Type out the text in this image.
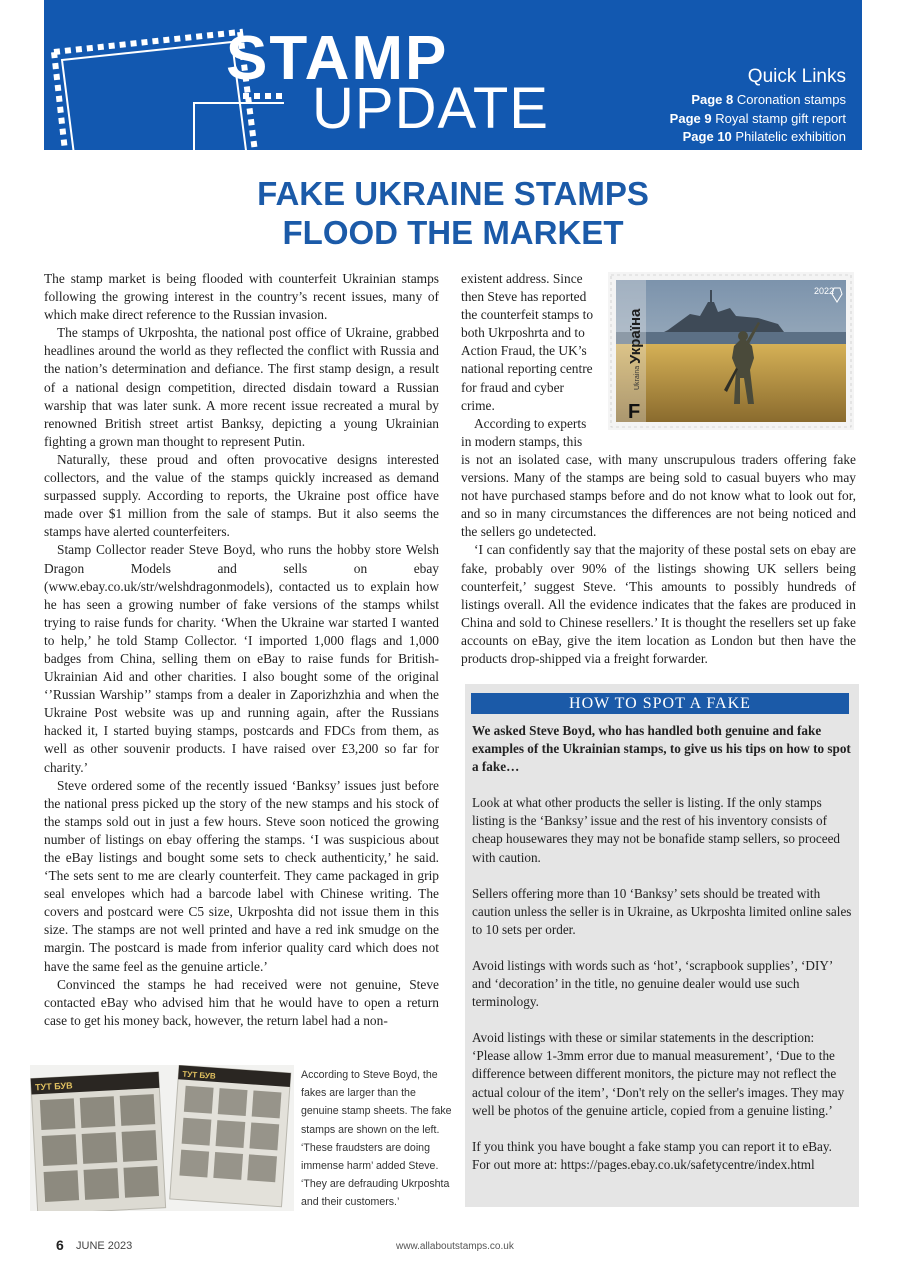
STAMP
UPDATE	Quick Links
Page 8 Coronation stamps
Page 9 Royal stamp gift report
Page 10 Philatelic exhibition
FAKE UKRAINE STAMPS
FLOOD THE MARKET

The stamp market is being flooded with counterfeit Ukrainian stamps following the growing interest in the country’s recent issues, many of which make direct reference to the Russian invasion.

The stamps of Ukrposhta, the national post office of Ukraine, grabbed headlines around the world as they reflected the conflict with Russia and the nation’s determination and defiance. The first stamp design, a result of a national design competition, directed disdain toward a Russian warship that was later sunk. A more recent issue recreated a mural by renowned British street artist Banksy, depicting a young Ukrainian fighting a grown man thought to represent Putin.

Naturally, these proud and often provocative designs interested collectors, and the value of the stamps quickly increased as demand surpassed supply. According to reports, the Ukraine post office have made over $1 million from the sale of stamps. But it also seems the stamps have alerted counterfeiters.

Stamp Collector reader Steve Boyd, who runs the hobby store Welsh Dragon Models and sells on ebay (www.ebay.co.uk/str/welshdragonmodels), contacted us to explain how he has seen a growing number of fake versions of the stamps whilst trying to raise funds for charity. ‘When the Ukraine war started I wanted to help,’ he told Stamp Collector. ‘I imported 1,000 flags and 1,000 badges from China, selling them on eBay to raise funds for British-Ukrainian Aid and other charities. I also bought some of the original ‘’Russian Warship’’ stamps from a dealer in Zaporizhzhia and when the Ukraine Post website was up and running again, after the Russians hacked it, I started buying stamps, postcards and FDCs from them, as well as other souvenir products. I have raised over £3,200 so far for charity.’

Steve ordered some of the recently issued ‘Banksy’ issues just before the national press picked up the story of the new stamps and his stock of the stamps sold out in just a few hours. Steve soon noticed the growing number of listings on ebay offering the stamps. ‘I was suspicious about the eBay listings and bought some sets to check authenticity,’ he said. ‘The sets sent to me are clearly counterfeit. They came packaged in grip seal envelopes which had a barcode label with Chinese writing. The covers and postcard were C5 size, Ukrposhta did not issue them in this size. The stamps are not well printed and have a red ink smudge on the margin. The postcard is made from inferior quality card which does not have the same feel as the genuine article.’

Convinced the stamps he had received were not genuine, Steve contacted eBay who advised him that he would have to open a return case to get his money back, however, the return label had a non-

existent address. Since then Steve has reported the counterfeit stamps to both Ukrposhrta and to Action Fraud, the UK’s national reporting centre for fraud and cyber crime.

According to experts in modern stamps, this

is not an isolated case, with many unscrupulous traders offering fake versions. Many of the stamps are being sold to casual buyers who may not have purchased stamps before and do not know what to look out for, and so in many circumstances the differences are not being noticed and the sellers go undetected.

‘I can confidently say that the majority of these postal sets on ebay are fake, probably over 90% of the listings showing UK sellers being counterfeit,’ suggest Steve. ‘This amounts to possibly hundreds of listings overall. All the evidence indicates that the fakes are produced in China and sold to Chinese resellers.’ It is thought the resellers set up fake accounts on eBay, give the item location as London but then have the products drop-shipped via a freight forwarder.

2022
Україна
Ukraina
F
ТУТ БУВ
ТУТ БУВ	According to Steve Boyd, the fakes are larger than the genuine stamp sheets. The fake stamps are shown on the left. ‘These fraudsters are doing immense harm’ added Steve. ‘They are defrauding Ukrposhta and their customers.’
HOW TO SPOT A FAKE

We asked Steve Boyd, who has handled both genuine and fake examples of the Ukrainian stamps, to give us his tips on how to spot a fake…

Look at what other products the seller is listing. If the only stamps listing is the ‘Banksy’ issue and the rest of his inventory consists of cheap housewares they may not be bonafide stamp sellers, so proceed with caution.

Sellers offering more than 10 ‘Banksy’ sets should be treated with caution unless the seller is in Ukraine, as Ukrposhta limited online sales to 10 sets per order.

Avoid listings with words such as ‘hot’, ‘scrapbook supplies’, ‘DIY’ and ‘decoration’ in the title, no genuine dealer would use such terminology.

Avoid listings with these or similar statements in the description: ‘Please allow 1-3mm error due to manual measurement’, ‘Due to the difference between different monitors, the picture may not reflect the actual colour of the item’, ‘Don't rely on the seller's images. They may well be photos of the genuine article, copied from a genuine listing.’

If you think you have bought a fake stamp you can report it to eBay. For out more at: https://pages.ebay.co.uk/safetycentre/index.html

6 JUNE 2023	www.allaboutstamps.co.uk
